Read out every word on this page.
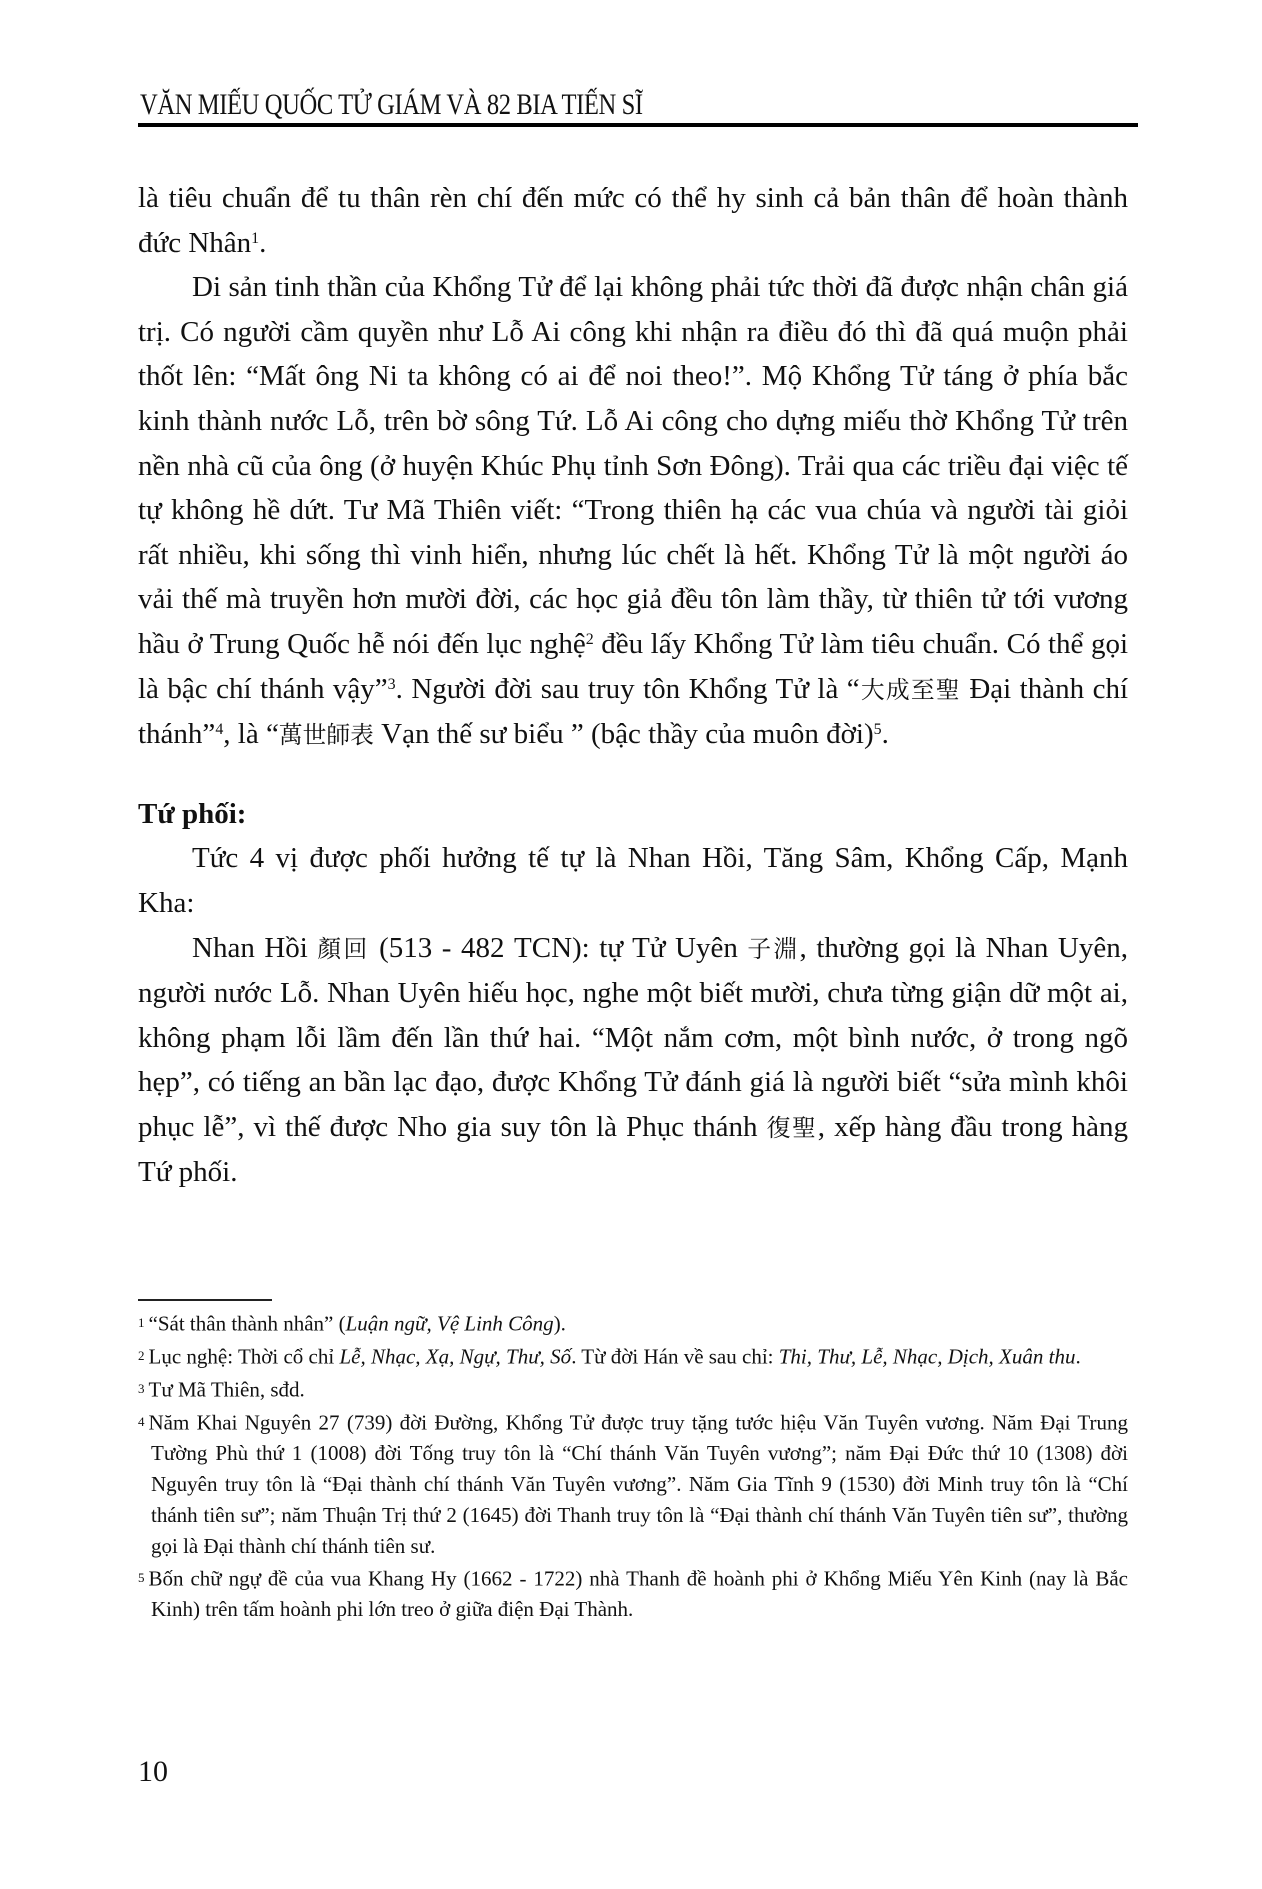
VĂN MIẾU QUỐC TỬ GIÁM VÀ 82 BIA TIẾN SĨ

là tiêu chuẩn để tu thân rèn chí đến mức có thể hy sinh cả bản thân để hoàn thành đức Nhân$^1$.

Di sản tinh thần của Khổng Tử để lại không phải tức thời đã được nhận chân giá trị. Có người cầm quyền như Lỗ Ai công khi nhận ra điều đó thì đã quá muộn phải thốt lên: “Mất ông Ni ta không có ai để noi theo!”. Mộ Khổng Tử táng ở phía bắc kinh thành nước Lỗ, trên bờ sông Tứ. Lỗ Ai công cho dựng miếu thờ Khổng Tử trên nền nhà cũ của ông (ở huyện Khúc Phụ tỉnh Sơn Đông). Trải qua các triều đại việc tế tự không hề dứt. Tư Mã Thiên viết: “Trong thiên hạ các vua chúa và người tài giỏi rất nhiều, khi sống thì vinh hiển, nhưng lúc chết là hết. Khổng Tử là một người áo vải thế mà truyền hơn mười đời, các học giả đều tôn làm thầy, từ thiên tử tới vương hầu ở Trung Quốc hễ nói đến lục nghệ$^2$ đều lấy Khổng Tử làm tiêu chuẩn. Có thể gọi là bậc chí thánh vậy”$^3$. Người đời sau truy tôn Khổng Tử là “大成至聖 Đại thành chí thánh”$^4$, là “萬世師表 Vạn thế sư biểu ” (bậc thầy của muôn đời)$^5$.

Tứ phối:

Tức 4 vị được phối hưởng tế tự là Nhan Hồi, Tăng Sâm, Khổng Cấp, Mạnh Kha:

Nhan Hồi 顏回 (513 - 482 TCN): tự Tử Uyên 子淵, thường gọi là Nhan Uyên, người nước Lỗ. Nhan Uyên hiếu học, nghe một biết mười, chưa từng giận dữ một ai, không phạm lỗi lầm đến lần thứ hai. “Một nắm cơm, một bình nước, ở trong ngõ hẹp”, có tiếng an bần lạc đạo, được Khổng Tử đánh giá là người biết “sửa mình khôi phục lễ”, vì thế được Nho gia suy tôn là Phục thánh 復聖, xếp hàng đầu trong hàng Tứ phối.

1 “Sát thân thành nhân” (Luận ngữ, Vệ Linh Công).

2 Lục nghệ: Thời cổ chỉ Lễ, Nhạc, Xạ, Ngự, Thư, Số. Từ đời Hán về sau chỉ: Thi, Thư, Lễ, Nhạc, Dịch, Xuân thu.

3 Tư Mã Thiên, sđd.

4 Năm Khai Nguyên 27 (739) đời Đường, Khổng Tử được truy tặng tước hiệu Văn Tuyên vương. Năm Đại Trung Tường Phù thứ 1 (1008) đời Tống truy tôn là “Chí thánh Văn Tuyên vương”; năm Đại Đức thứ 10 (1308) đời Nguyên truy tôn là “Đại thành chí thánh Văn Tuyên vương”. Năm Gia Tĩnh 9 (1530) đời Minh truy tôn là “Chí thánh tiên sư”; năm Thuận Trị thứ 2 (1645) đời Thanh truy tôn là “Đại thành chí thánh Văn Tuyên tiên sư”, thường gọi là Đại thành chí thánh tiên sư.

5 Bốn chữ ngự đề của vua Khang Hy (1662 - 1722) nhà Thanh đề hoành phi ở Khổng Miếu Yên Kinh (nay là Bắc Kinh) trên tấm hoành phi lớn treo ở giữa điện Đại Thành.

10
